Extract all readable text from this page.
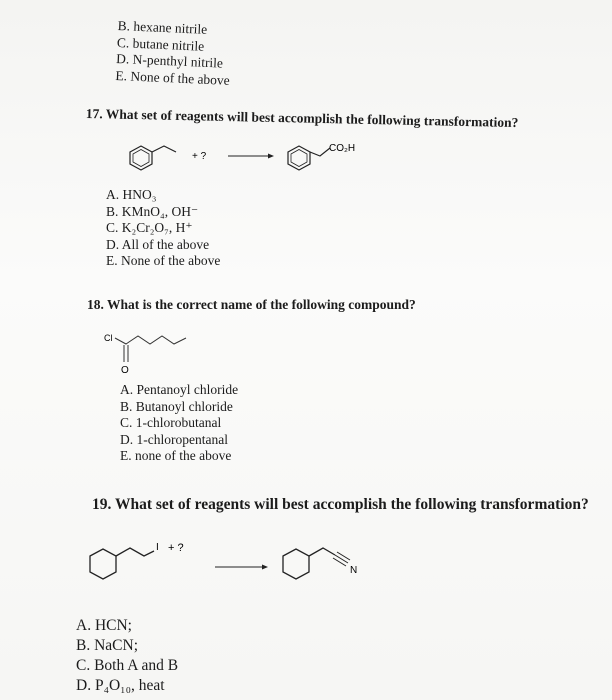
B. hexane nitrile
C. butane nitrile
D. N-penthyl nitrile
E. None of the above
17. What set of reagents will best accomplish the following transformation?
+ ?
CO₂H
A. HNO₃
B. KMnO₄, OH⁻
C. K₂Cr₂O₇, H⁺
D. All of the above
E. None of the above
18. What is the correct name of the following compound?
Cl
O
A. Pentanoyl chloride
B. Butanoyl chloride
C. 1-chlorobutanal
D. 1-chloropentanal
E. none of the above
19. What set of reagents will best accomplish the following transformation?
I + ?
N
A. HCN;
B. NaCN;
C. Both A and B
D. P₄O₁₀, heat
